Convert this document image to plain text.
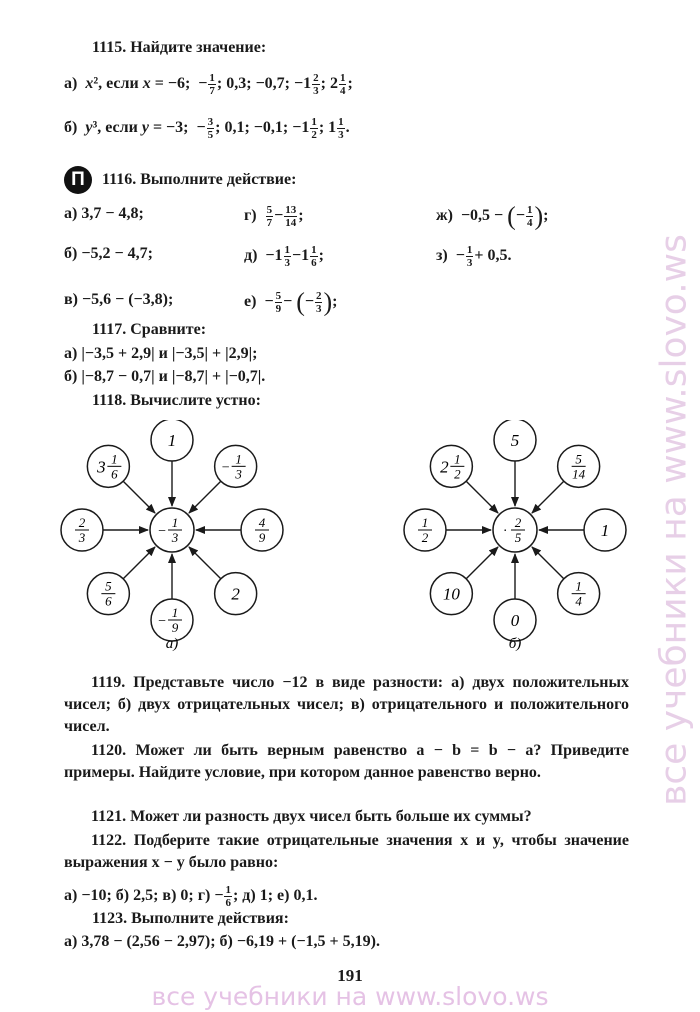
1115. Найдите значение:
а) x², если x = −6; − $\frac{1}{7}$ ; 0,3; −0,7; $-1 \frac{2}{3}$ ; $2 \frac{1}{4}$ ;
б) y³, если y = −3; − $\frac{3}{5}$ ; 0,1; −0,1; $-1 \frac{1}{2}$ ; $1 \frac{1}{3}$ .
П	1116. Выполните действие:
а) 3,7 − 4,8;
б) −5,2 − 4,7;
в) −5,6 − (−3,8);
$г) \frac{5}{7} - \frac{13}{14}$ ;
$д) -1 \frac{1}{3} -1 \frac{1}{6}$ ;
$е) - \frac{5}{9}$ − (− $\frac{2}{3}$ );
ж) −0,5 − (− $\frac{1}{4}$ );
$з) - \frac{1}{3} + 0,5$.
1117. Сравните:
а) |−3,5 + 2,9| и |−3,5| + |2,9|;
б) |−8,7 − 0,7| и |−8,7| + |−0,7|.
1118. Вычислите устно:
1
−
1
3
4
9
2
−
1
9
5
6
2
3
3 1
6
−
1
3
5
5
14
1
1
4
0
10
1
2
2 1
2
·
2
5
а)	б)
1119. Представьте число −12 в виде разности: а) двух положительных чисел; б) двух отрицательных чисел; в) отрицательного и положительного чисел.
1120. Может ли быть верным равенство a − b = b − a? Приведите примеры. Найдите условие, при котором данное равенство верно.
1121. Может ли разность двух чисел быть больше их суммы?
1122. Подберите такие отрицательные значения x и y, чтобы значение выражения x − y было равно:
а) −10; б) 2,5; в) 0; $г) - \frac{1}{6}$ ; д) 1; е) 0,1.
1123. Выполните действия:
а) 3,78 − (2,56 − 2,97); б) −6,19 + (−1,5 + 5,19).
191
все учебники на www.slovo.ws
все учебники на www.slovo.ws
